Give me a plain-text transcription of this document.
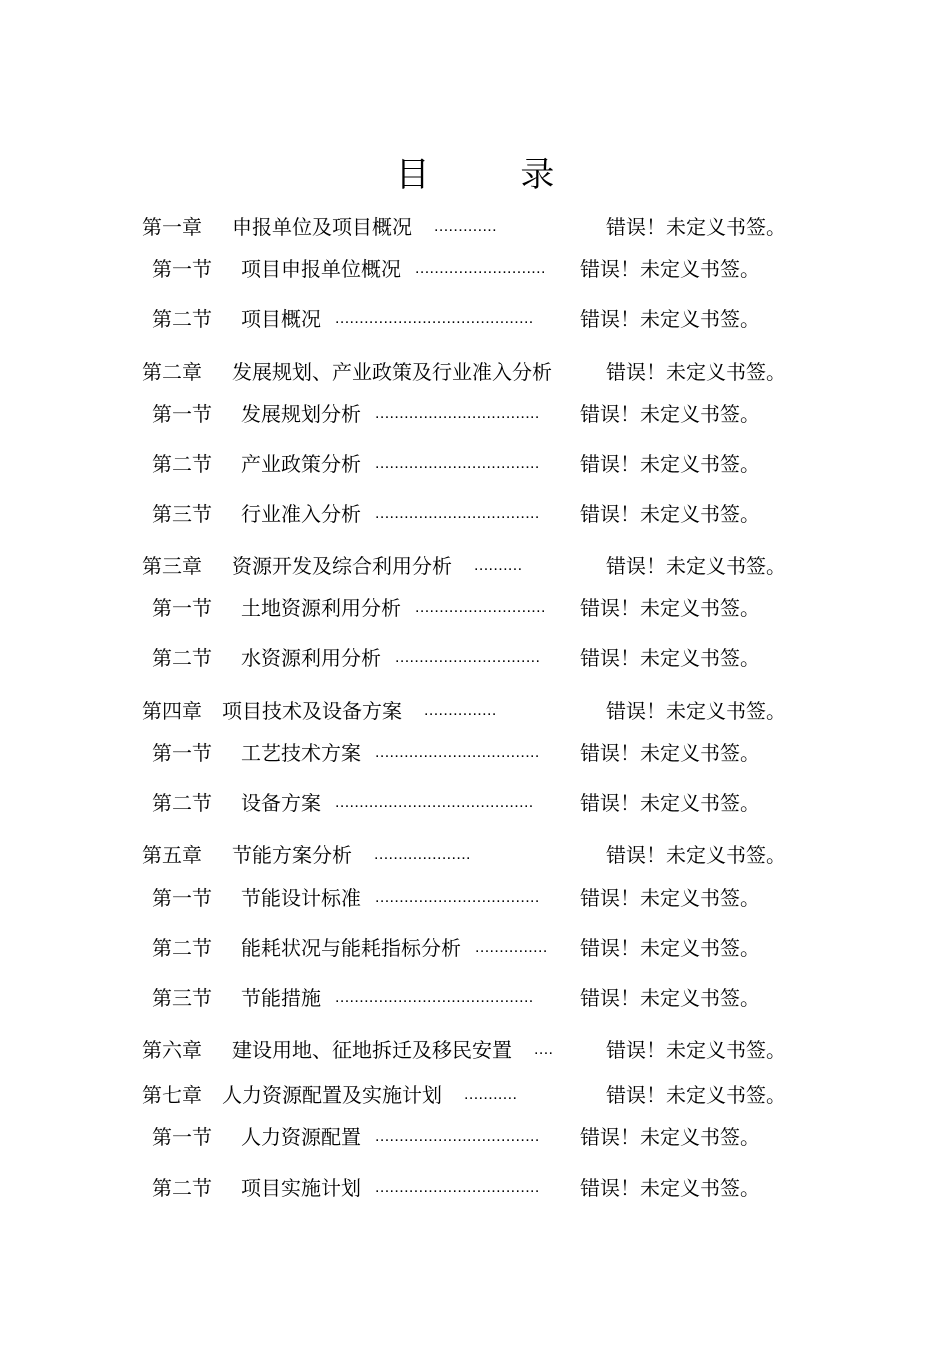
目 录
第一章 申报单位及项目概况 .............	错误！未定义书签。
第一节 项目申报单位概况 ........................... 错误！未定义书签。
第二节 项目概况 ......................................... 错误！未定义书签。
第二章 发展规划、产业政策及行业准入分析	错误！未定义书签。
第一节 发展规划分析 .................................. 错误！未定义书签。
第二节 产业政策分析 .................................. 错误！未定义书签。
第三节 行业准入分析 .................................. 错误！未定义书签。
第三章 资源开发及综合利用分析 ..........	错误！未定义书签。
第一节 土地资源利用分析 ........................... 错误！未定义书签。
第二节 水资源利用分析 .............................. 错误！未定义书签。
第四章 项目技术及设备方案 ...............	错误！未定义书签。
第一节 工艺技术方案 .................................. 错误！未定义书签。
第二节 设备方案 ......................................... 错误！未定义书签。
第五章 节能方案分析 ....................	错误！未定义书签。
第一节 节能设计标准 .................................. 错误！未定义书签。
第二节 能耗状况与能耗指标分析 ............... 错误！未定义书签。
第三节 节能措施 ......................................... 错误！未定义书签。
第六章 建设用地、征地拆迁及移民安置 ....	错误！未定义书签。
第七章 人力资源配置及实施计划 ...........	错误！未定义书签。
第一节 人力资源配置 .................................. 错误！未定义书签。
第二节 项目实施计划 .................................. 错误！未定义书签。
